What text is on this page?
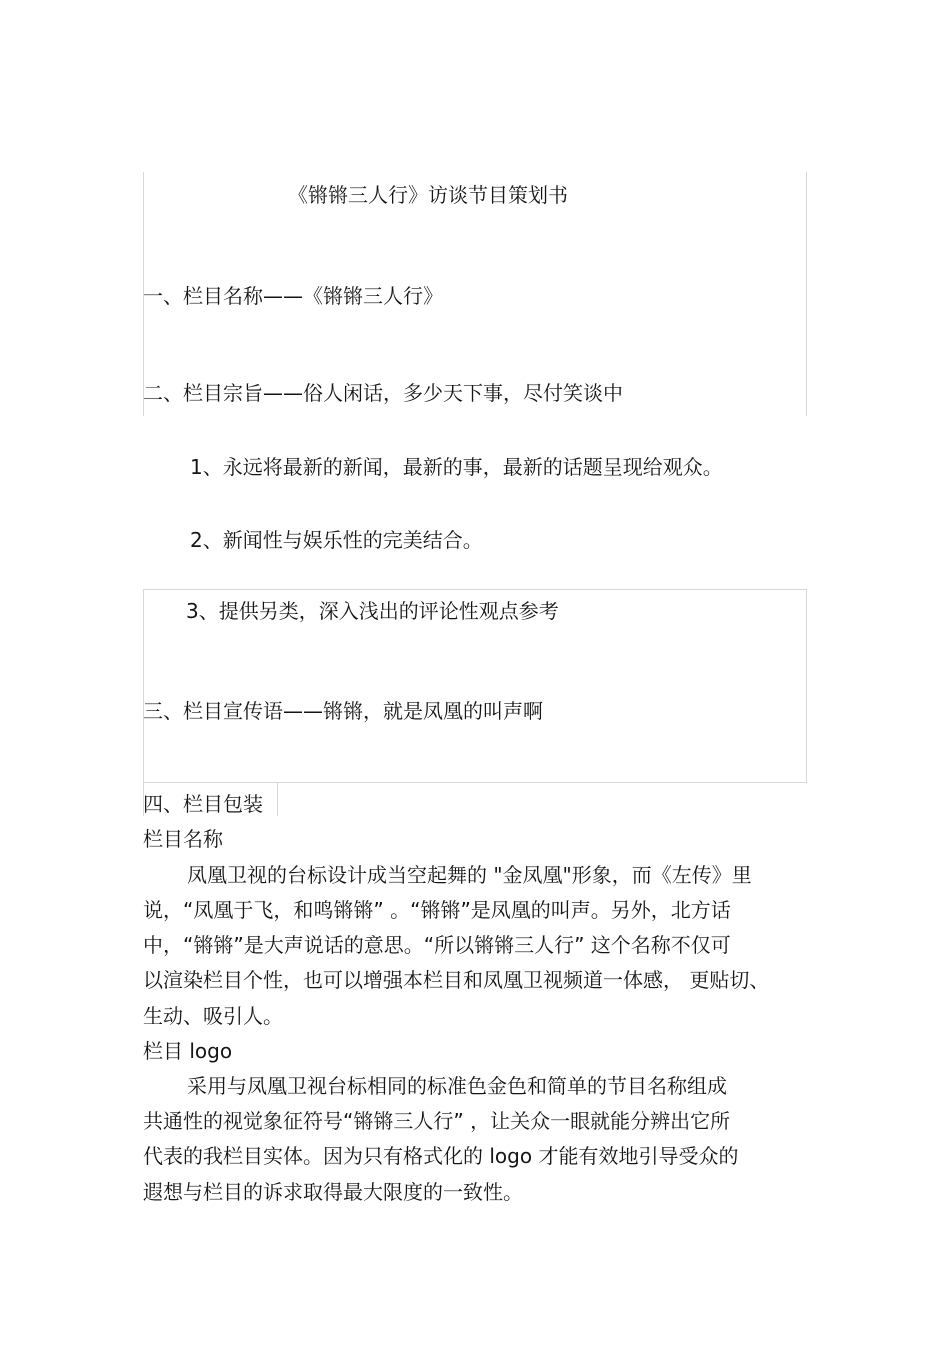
《锵锵三人行》访谈节目策划书
一、栏目名称——《锵锵三人行》
二、栏目宗旨——俗人闲话，多少天下事，尽付笑谈中
1、永远将最新的新闻，最新的事，最新的话题呈现给观众。
2、新闻性与娱乐性的完美结合。
3、提供另类，深入浅出的评论性观点参考
三、栏目宣传语——锵锵，就是凤凰的叫声啊
四、栏目包装
栏目名称
凤凰卫视的台标设计成当空起舞的 "金凤凰"形象，而《左传》里
说，“凤凰于飞，和鸣锵锵” 。“锵锵”是凤凰的叫声。另外，北方话
中，“锵锵”是大声说话的意思。“所以锵锵三人行” 这个名称不仅可
以渲染栏目个性，也可以增强本栏目和凤凰卫视频道一体感， 更贴切、
生动、吸引人。
栏目 logo
采用与凤凰卫视台标相同的标准色金色和简单的节目名称组成
共通性的视觉象征符号“锵锵三人行” ，让关众一眼就能分辨出它所
代表的我栏目实体。因为只有格式化的 logo 才能有效地引导受众的
遐想与栏目的诉求取得最大限度的一致性。
